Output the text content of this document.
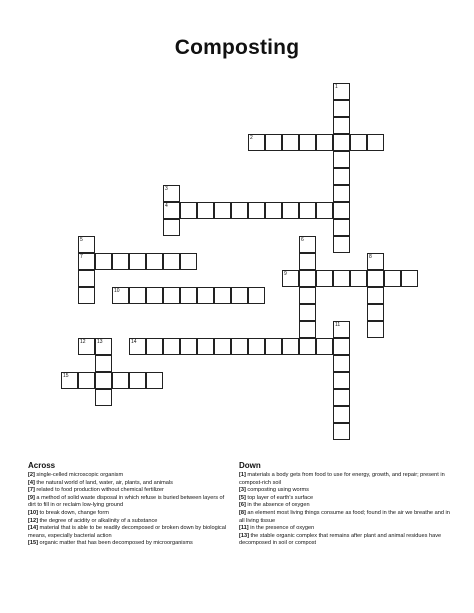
Composting
1
2
3
4
5
7
6
8
9
10
11
12 13	14
15
Across

[2] single-celled microscopic organism

[4] the natural world of land, water, air, plants, and animals

[7] related to food production without chemical fertilizer

[9] a method of solid waste disposal in which refuse is buried between layers of dirt to fill in or reclaim low-lying ground

[10] to break down, change form

[12] the degree of acidity or alkalinity of a substance

[14] material that is able to be readily decomposed or broken down by biological means, especially bacterial action

[15] organic matter that has been decomposed by microorganisms

Down

[1] materials a body gets from food to use for energy, growth, and repair; present in compost-rich soil

[3] composting using worms

[5] top layer of earth's surface

[6] in the absence of oxygen

[8] an element most living things consume as food; found in the air we breathe and in all living tissue

[11] in the presence of oxygen

[13] the stable organic complex that remains after plant and animal residues have decomposed in soil or compost
